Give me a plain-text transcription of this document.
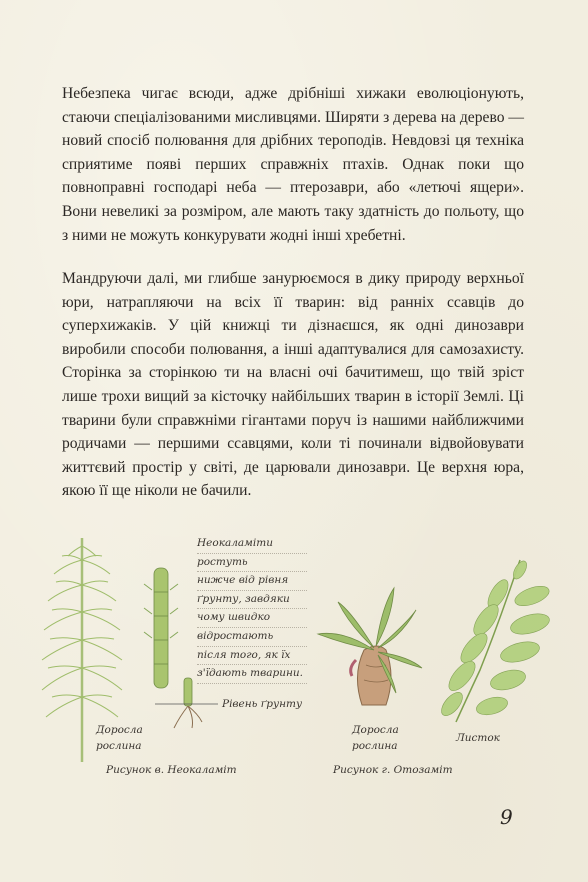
Небезпека чигає всюди, адже дрібніші хижаки еволюціонують, стаючи спеціалізованими мисливцями. Шиpяти з дерева на дерево — новий спосіб полювання для дрібних теpоподів. Невдовзі ця техніка сприятиме появі перших справжніх птахів. Однак поки що повноправні господарі неба — птерозаври, або «летючі ящери». Вони невеликі за розміром, але мають таку здатність до польоту, що з ними не можуть конкурувати жодні інші хребетні.

Мандруючи далі, ми глибше занурюємося в дику природу верхньої юри, натрапляючи на всіх її тварин: від ранніх ссавців до суперхижаків. У цій книжці ти дізнаєшся, як одні динозаври виробили способи полювання, а інші адаптувалися для самозахисту. Сторінка за сторінкою ти на власні очі бачитимеш, що твій зріст лише трохи вищий за кісточку найбільших тварин в історії Землі. Ці тварини були справжніми гігантами поруч із нашими найближчими родичами — першими ссавцями, коли ті починали відвойовувати життєвий простір у світі, де царювали динозаври. Це верхня юра, якою її ще ніколи не бачили.

Неокаламіти
ростуть
нижче від рівня
ґрунту, завдяки
чому швидко
відростають
після того, як їх
з'їдають тварини.
Рівень ґрунту
Доросла
рослина
Доросла
рослина
Листок
Рисунок в. Неокаламіт	Рисунок г. Отозаміт
9
